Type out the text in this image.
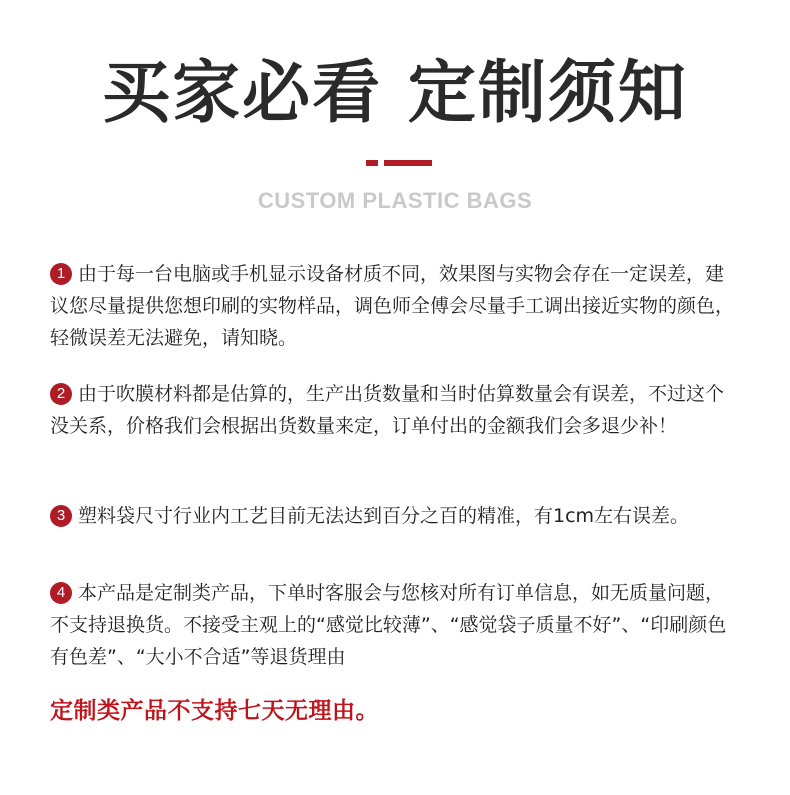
买家必看 定制须知
CUSTOM PLASTIC BAGS
1 由于每一台电脑或手机显示设备材质不同，效果图与实物会存在一定误差，建议您尽量提供您想印刷的实物样品，调色师全傅会尽量手工调出接近实物的颜色，轻微误差无法避免，请知晓。
2 由于吹膜材料都是估算的，生产出货数量和当时估算数量会有误差，不过这个没关系，价格我们会根据出货数量来定，订单付出的金额我们会多退少补！
3 塑料袋尺寸行业内工艺目前无法达到百分之百的精准，有1cm左右误差。
4 本产品是定制类产品，下单时客服会与您核对所有订单信息，如无质量问题，不支持退换货。不接受主观上的“感觉比较薄”、“感觉袋子质量不好”、“印刷颜色有色差”、“大小不合适”等退货理由
定制类产品不支持七天无理由。
